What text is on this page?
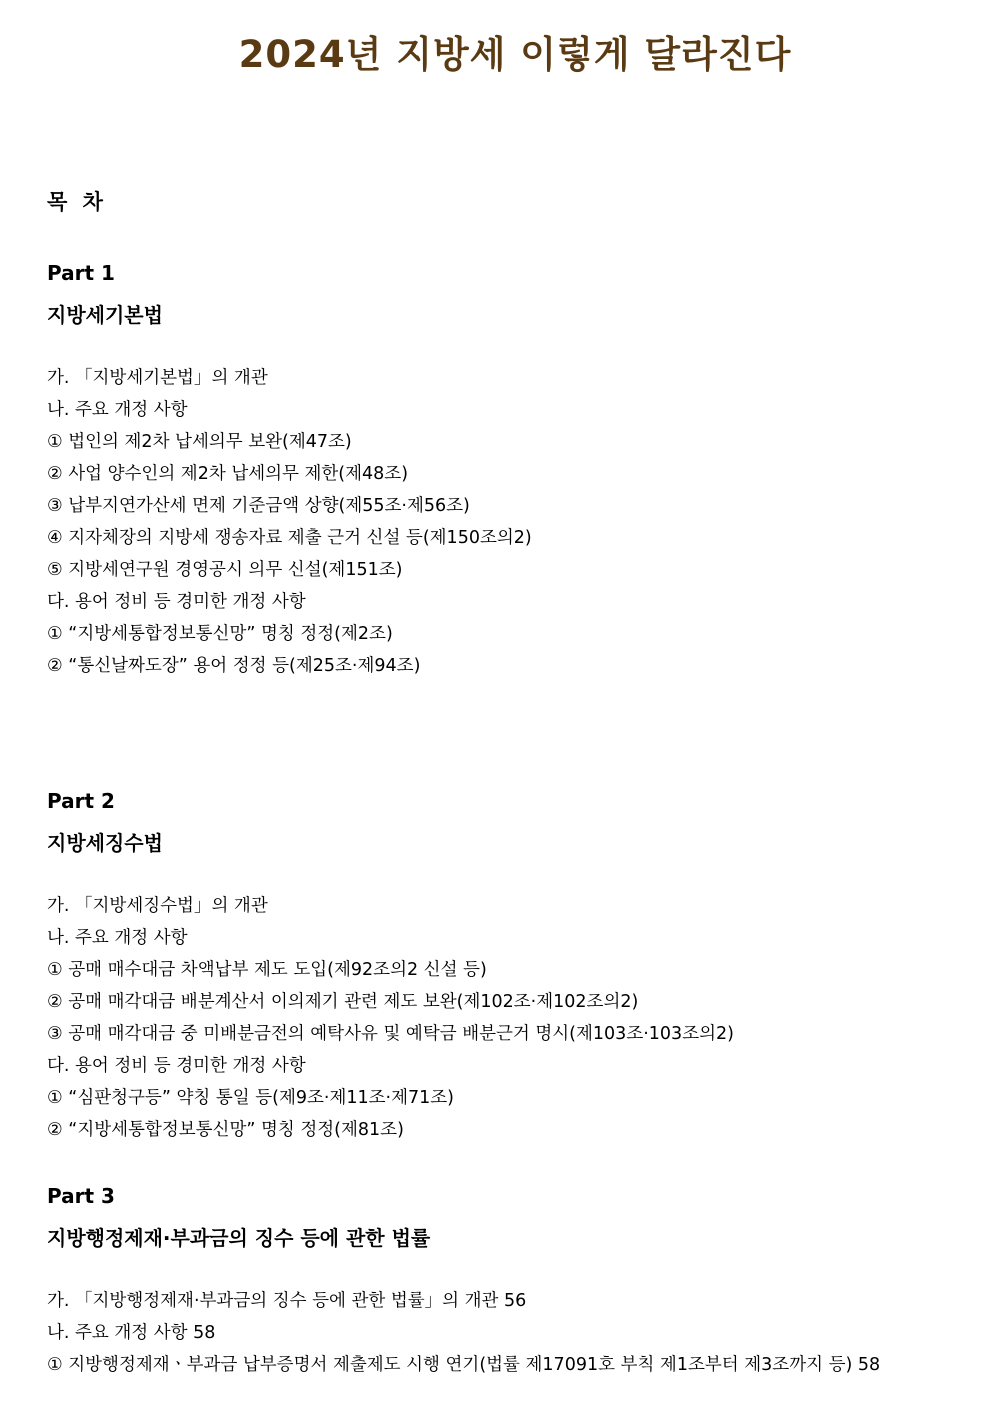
2024년 지방세 이렇게 달라진다
목 차
Part 1
지방세기본법
가. 「지방세기본법」의 개관
나. 주요 개정 사항
① 법인의 제2차 납세의무 보완(제47조)
② 사업 양수인의 제2차 납세의무 제한(제48조)
③ 납부지연가산세 면제 기준금액 상향(제55조·제56조)
④ 지자체장의 지방세 쟁송자료 제출 근거 신설 등(제150조의2)
⑤ 지방세연구원 경영공시 의무 신설(제151조)
다. 용어 정비 등 경미한 개정 사항
① “지방세통합정보통신망” 명칭 정정(제2조)
② “통신날짜도장” 용어 정정 등(제25조·제94조)
Part 2
지방세징수법
가. 「지방세징수법」의 개관
나. 주요 개정 사항
① 공매 매수대금 차액납부 제도 도입(제92조의2 신설 등)
② 공매 매각대금 배분계산서 이의제기 관련 제도 보완(제102조·제102조의2)
③ 공매 매각대금 중 미배분금전의 예탁사유 및 예탁금 배분근거 명시(제103조·103조의2)
다. 용어 정비 등 경미한 개정 사항
① “심판청구등” 약칭 통일 등(제9조·제11조·제71조)
② “지방세통합정보통신망” 명칭 정정(제81조)
Part 3
지방행정제재·부과금의 징수 등에 관한 법률
가. 「지방행정제재·부과금의 징수 등에 관한 법률」의 개관 56
나. 주요 개정 사항 58
① 지방행정제재ㆍ부과금 납부증명서 제출제도 시행 연기(법률 제17091호 부칙 제1조부터 제3조까지 등) 58
